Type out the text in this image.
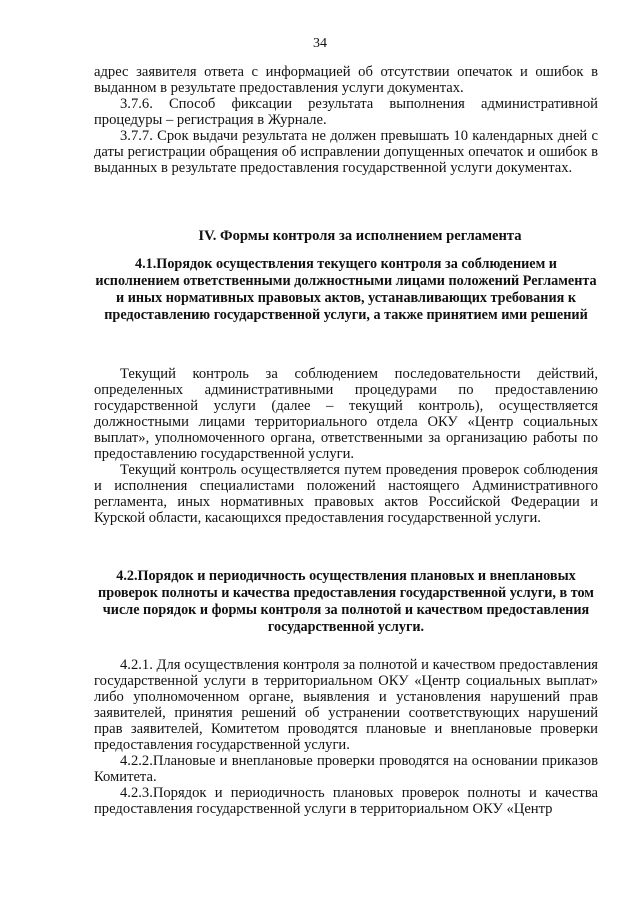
34

адрес заявителя ответа с информацией об отсутствии опечаток и ошибок в выданном в результате предоставления услуги документах.

3.7.6. Способ фиксации результата выполнения административной процедуры – регистрация в Журнале.

3.7.7. Срок выдачи результата не должен превышать 10 календарных дней с даты регистрации обращения об исправлении допущенных опечаток и ошибок в выданных в результате предоставления государственной услуги документах.

IV. Формы контроля за исполнением регламента
4.1.Порядок осуществления текущего контроля за соблюдением и исполнением ответственными должностными лицами положений Регламента и иных нормативных правовых актов, устанавливающих требования к предоставлению государственной услуги, а также принятием ими решений

Текущий контроль за соблюдением последовательности действий, определенных административными процедурами по предоставлению государственной услуги (далее – текущий контроль), осуществляется должностными лицами территориального отдела ОКУ «Центр социальных выплат», уполномоченного органа, ответственными за организацию работы по предоставлению государственной услуги.

Текущий контроль осуществляется путем проведения проверок соблюдения и исполнения специалистами положений настоящего Административного регламента, иных нормативных правовых актов Российской Федерации и Курской области, касающихся предоставления государственной услуги.

4.2.Порядок и периодичность осуществления плановых и внеплановых проверок полноты и качества предоставления государственной услуги, в том числе порядок и формы контроля за полнотой и качеством предоставления государственной услуги.

4.2.1. Для осуществления контроля за полнотой и качеством предоставления государственной услуги в территориальном ОКУ «Центр социальных выплат» либо уполномоченном органе, выявления и установления нарушений прав заявителей, принятия решений об устранении соответствующих нарушений прав заявителей, Комитетом проводятся плановые и внеплановые проверки предоставления государственной услуги.

4.2.2.Плановые и внеплановые проверки проводятся на основании приказов Комитета.

4.2.3.Порядок и периодичность плановых проверок полноты и качества предоставления государственной услуги в территориальном ОКУ «Центр
